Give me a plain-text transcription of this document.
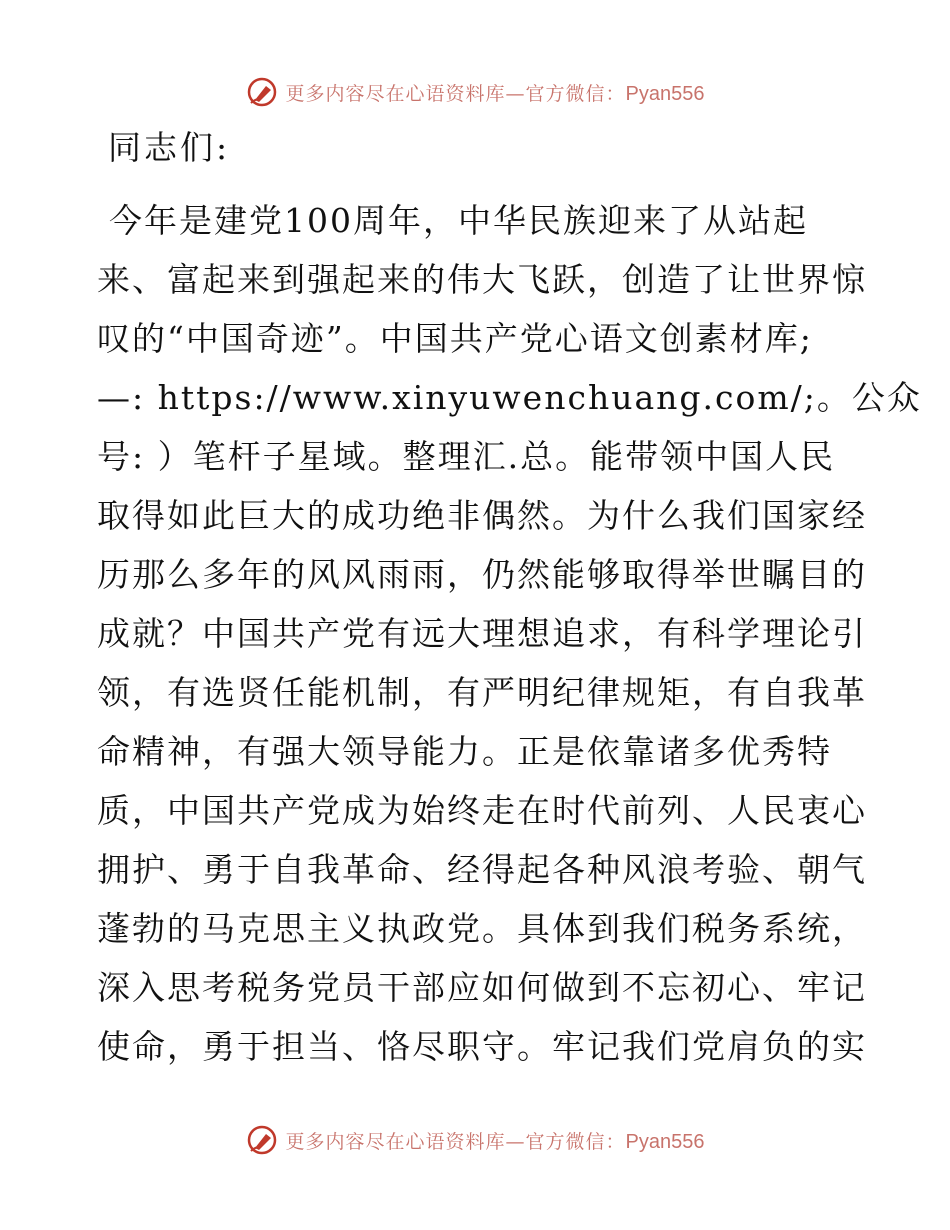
更多内容尽在心语资料库—官方微信：Pyan556

同志们:

今年是建党100周年，中华民族迎来了从站起
来、富起来到强起来的伟大飞跃，创造了让世界惊
叹的“中国奇迹”。中国共产党心语文创素材库;
—: https://www.xinyuwenchuang.com/;。公众
号: ）笔杆子星域。整理汇.总。能带领中国人民
取得如此巨大的成功绝非偶然。为什么我们国家经
历那么多年的风风雨雨，仍然能够取得举世瞩目的
成就？中国共产党有远大理想追求，有科学理论引
领，有选贤任能机制，有严明纪律规矩，有自我革
命精神，有强大领导能力。正是依靠诸多优秀特
质，中国共产党成为始终走在时代前列、人民衷心
拥护、勇于自我革命、经得起各种风浪考验、朝气
蓬勃的马克思主义执政党。具体到我们税务系统，
深入思考税务党员干部应如何做到不忘初心、牢记
使命，勇于担当、恪尽职守。牢记我们党肩负的实
更多内容尽在心语资料库—官方微信：Pyan556
